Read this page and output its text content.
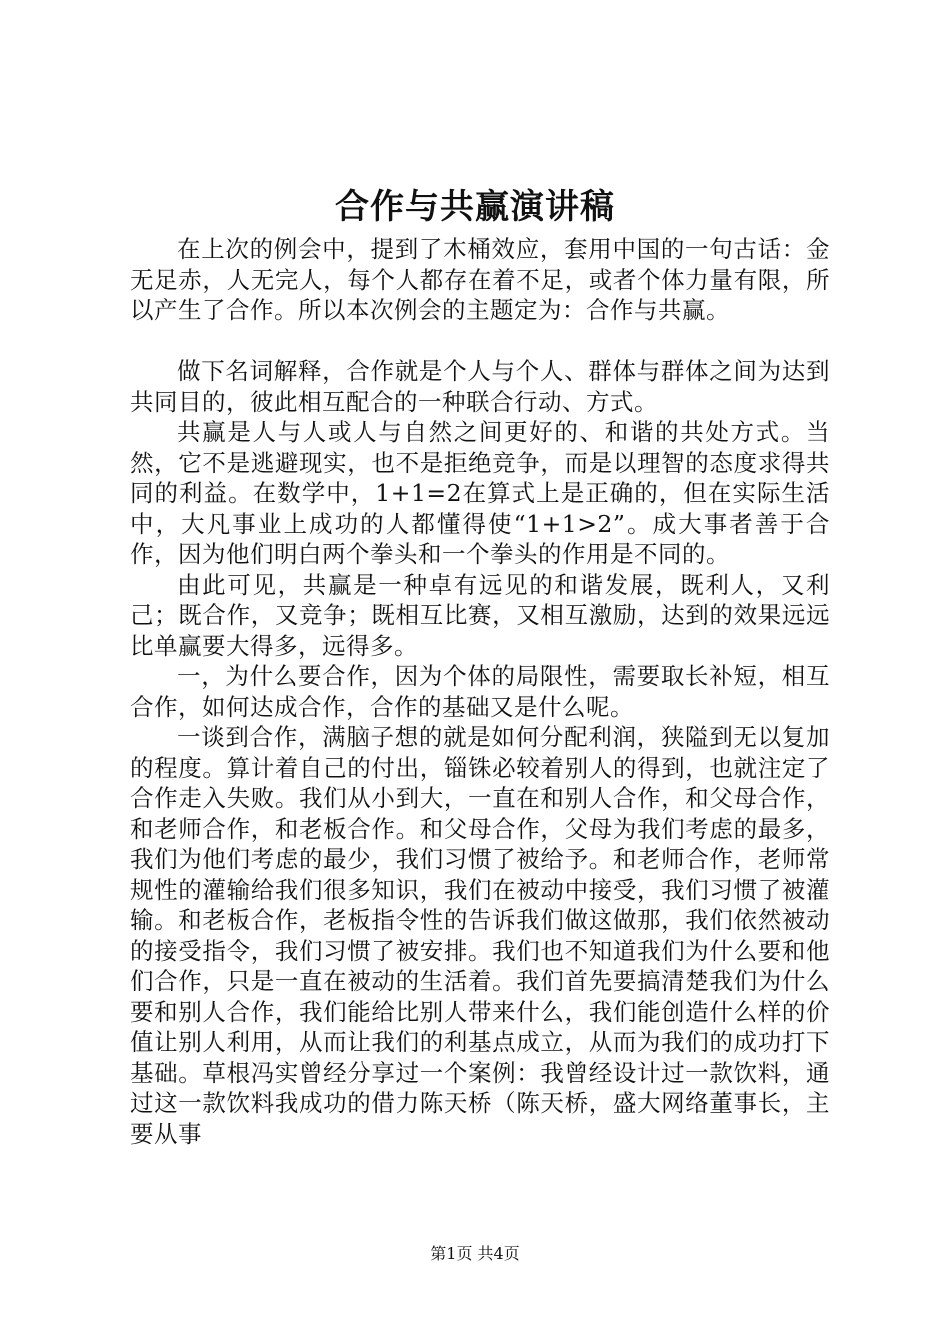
合作与共赢演讲稿

在上次的例会中，提到了木桶效应，套用中国的一句古话：金无足赤，人无完人，每个人都存在着不足，或者个体力量有限，所以产生了合作。所以本次例会的主题定为：合作与共赢。

做下名词解释，合作就是个人与个人、群体与群体之间为达到共同目的，彼此相互配合的一种联合行动、方式。

共赢是人与人或人与自然之间更好的、和谐的共处方式。当然，它不是逃避现实，也不是拒绝竞争，而是以理智的态度求得共同的利益。在数学中，1+1=2在算式上是正确的，但在实际生活中，大凡事业上成功的人都懂得使“1+1>2”。成大事者善于合作，因为他们明白两个拳头和一个拳头的作用是不同的。

由此可见，共赢是一种卓有远见的和谐发展，既利人，又利己；既合作，又竞争；既相互比赛，又相互激励，达到的效果远远比单赢要大得多，远得多。

一，为什么要合作，因为个体的局限性，需要取长补短，相互合作，如何达成合作，合作的基础又是什么呢。

一谈到合作，满脑子想的就是如何分配利润，狭隘到无以复加的程度。算计着自己的付出，锱铢必较着别人的得到，也就注定了合作走入失败。我们从小到大，一直在和别人合作，和父母合作，和老师合作，和老板合作。和父母合作，父母为我们考虑的最多，我们为他们考虑的最少，我们习惯了被给予。和老师合作，老师常规性的灌输给我们很多知识，我们在被动中接受，我们习惯了被灌输。和老板合作，老板指令性的告诉我们做这做那，我们依然被动的接受指令，我们习惯了被安排。我们也不知道我们为什么要和他们合作，只是一直在被动的生活着。我们首先要搞清楚我们为什么要和别人合作，我们能给比别人带来什么，我们能创造什么样的价值让别人利用，从而让我们的利基点成立，从而为我们的成功打下基础。草根冯实曾经分享过一个案例：我曾经设计过一款饮料，通过这一款饮料我成功的借力陈天桥（陈天桥，盛大网络董事长，主要从事

第1页 共4页
